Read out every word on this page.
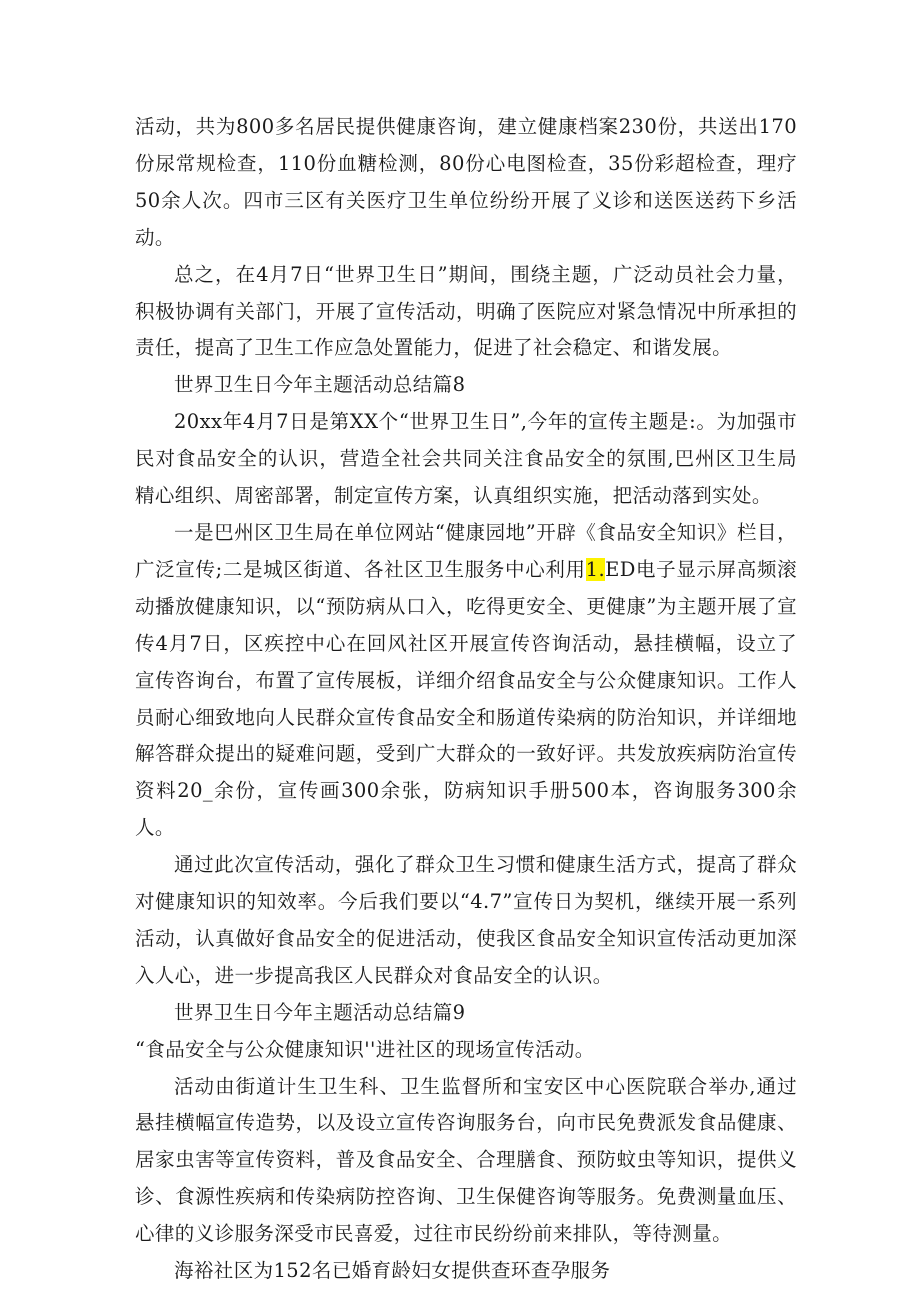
活动，共为800多名居民提供健康咨询，建立健康档案230份，共送出170份尿常规检查，110份血糖检测，80份心电图检查，35份彩超检查，理疗50余人次。四市三区有关医疗卫生单位纷纷开展了义诊和送医送药下乡活动。

总之，在4月7日“世界卫生日”期间，围绕主题，广泛动员社会力量，积极协调有关部门，开展了宣传活动，明确了医院应对紧急情况中所承担的责任，提高了卫生工作应急处置能力，促进了社会稳定、和谐发展。

世界卫生日今年主题活动总结篇8

20xx年4月7日是第XX个“世界卫生日”,今年的宣传主题是:。为加强市民对食品安全的认识，营造全社会共同关注食品安全的氛围,巴州区卫生局精心组织、周密部署，制定宣传方案，认真组织实施，把活动落到实处。

一是巴州区卫生局在单位网站“健康园地”开辟《食品安全知识》栏目，广泛宣传;二是城区街道、各社区卫生服务中心利用1.ED电子显示屏高频滚动播放健康知识，以“预防病从口入，吃得更安全、更健康”为主题开展了宣传4月7日，区疾控中心在回风社区开展宣传咨询活动，悬挂横幅，设立了宣传咨询台，布置了宣传展板，详细介绍食品安全与公众健康知识。工作人员耐心细致地向人民群众宣传食品安全和肠道传染病的防治知识，并详细地解答群众提出的疑难问题，受到广大群众的一致好评。共发放疾病防治宣传资料20_余份，宣传画300余张，防病知识手册500本，咨询服务300余人。

通过此次宣传活动，强化了群众卫生习惯和健康生活方式，提高了群众对健康知识的知效率。今后我们要以“4.7”宣传日为契机，继续开展一系列活动，认真做好食品安全的促进活动，使我区食品安全知识宣传活动更加深入人心，进一步提高我区人民群众对食品安全的认识。

世界卫生日今年主题活动总结篇9

“食品安全与公众健康知识''进社区的现场宣传活动。

活动由街道计生卫生科、卫生监督所和宝安区中心医院联合举办,通过悬挂横幅宣传造势，以及设立宣传咨询服务台，向市民免费派发食品健康、居家虫害等宣传资料，普及食品安全、合理膳食、预防蚊虫等知识，提供义诊、食源性疾病和传染病防控咨询、卫生保健咨询等服务。免费测量血压、心律的义诊服务深受市民喜爱，过往市民纷纷前来排队，等待测量。

海裕社区为152名已婚育龄妇女提供查环查孕服务
